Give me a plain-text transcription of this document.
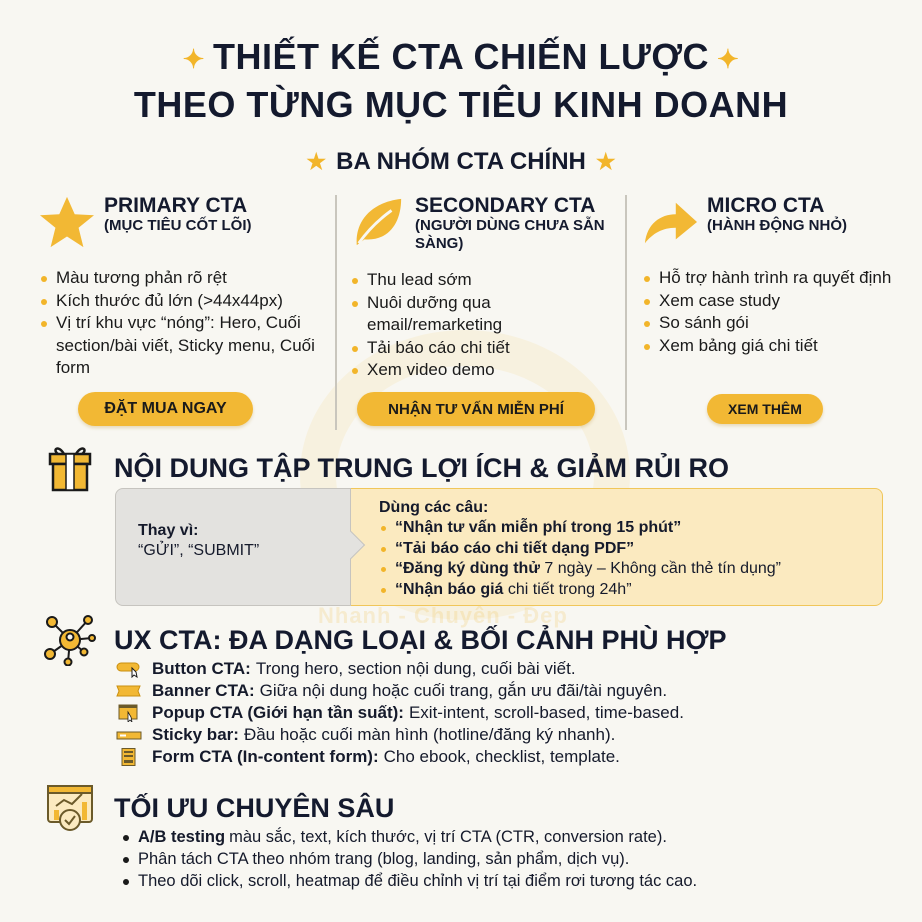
Nhanh - Chuyên - Đẹp
✦ THIẾT KẾ CTA CHIẾN LƯỢC ✦
THEO TỪNG MỤC TIÊU KINH DOANH
★ BA NHÓM CTA CHÍNH ★
PRIMARY CTA
(MỤC TIÊU CỐT LÕI)
Màu tương phản rõ rệt
Kích thước đủ lớn (>44x44px)
Vị trí khu vực “nóng”: Hero, Cuối section/bài viết, Sticky menu, Cuối form
ĐẶT MUA NGAY
SECONDARY CTA
(NGƯỜI DÙNG CHƯA SẴN SÀNG)
Thu lead sớm
Nuôi dưỡng qua email/remarketing
Tải báo cáo chi tiết
Xem video demo
NHẬN TƯ VẤN MIỄN PHÍ
MICRO CTA
(HÀNH ĐỘNG NHỎ)
Hỗ trợ hành trình ra quyết định
Xem case study
So sánh gói
Xem bảng giá chi tiết
XEM THÊM
NỘI DUNG TẬP TRUNG LỢI ÍCH & GIẢM RỦI RO
Thay vì:
“GỬI”, “SUBMIT”
Dùng các câu:
“Nhận tư vấn miễn phí trong 15 phút”
“Tải báo cáo chi tiết dạng PDF”
“Đăng ký dùng thử 7 ngày – Không cần thẻ tín dụng”
“Nhận báo giá chi tiết trong 24h”
UX CTA: ĐA DẠNG LOẠI & BỐI CẢNH PHÙ HỢP
Button CTA: Trong hero, section nội dung, cuối bài viết.
Banner CTA: Giữa nội dung hoặc cuối trang, gắn ưu đãi/tài nguyên.
Popup CTA (Giới hạn tần suất): Exit-intent, scroll-based, time-based.
Sticky bar: Đầu hoặc cuối màn hình (hotline/đăng ký nhanh).
Form CTA (In-content form): Cho ebook, checklist, template.
TỐI ƯU CHUYÊN SÂU
A/B testing màu sắc, text, kích thước, vị trí CTA (CTR, conversion rate).
Phân tách CTA theo nhóm trang (blog, landing, sản phẩm, dịch vụ).
Theo dõi click, scroll, heatmap để điều chỉnh vị trí tại điểm rơi tương tác cao.
